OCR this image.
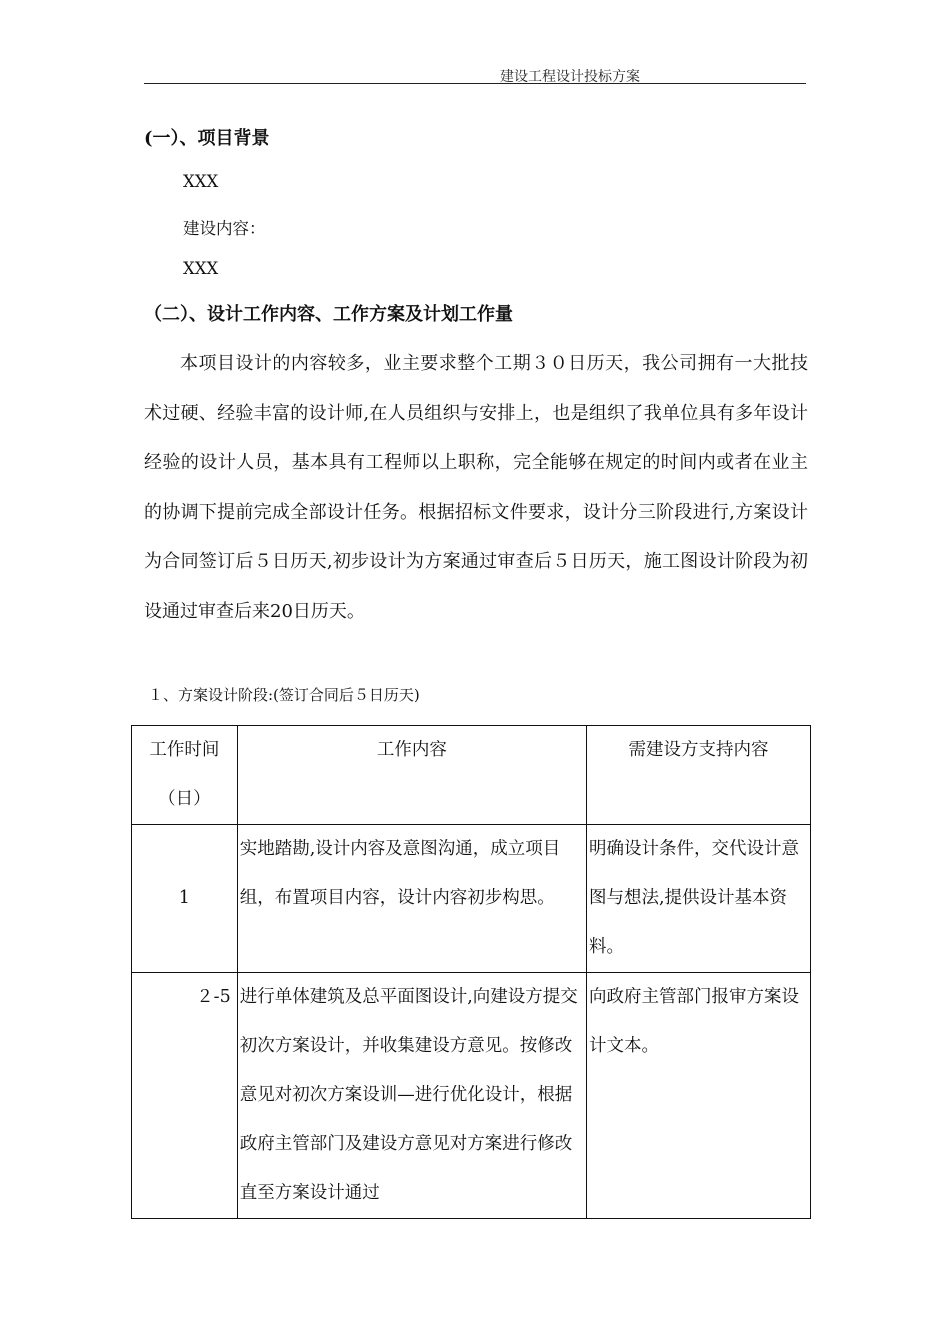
建设工程设计投标方案
(一）、项目背景
XXX
建设内容：
XXX
（二）、设计工作内容、工作方案及计划工作量
本项目设计的内容较多，业主要求整个工期３０日历天，我公司拥有一大批技术过硬、经验丰富的设计师,在人员组织与安排上，也是组织了我单位具有多年设计经验的设计人员，基本具有工程师以上职称，完全能够在规定的时间内或者在业主的协调下提前完成全部设计任务。根据招标文件要求，设计分三阶段进行,方案设计为合同签订后５日历天,初步设计为方案通过审查后５日历天，施工图设计阶段为初设通过审查后来20日历天。
１、方案设计阶段:(签订合同后５日历天)
工作时间（日）	工作内容	需建设方支持内容
1	实地踏勘,设计内容及意图沟通，成立项目组，布置项目内容，设计内容初步构思。	明确设计条件，交代设计意图与想法,提供设计基本资料。
２-5	进行单体建筑及总平面图设计,向建设方提交初次方案设计，并收集建设方意见。按修改意见对初次方案设训—进行优化设计，根据政府主管部门及建设方意见对方案进行修改直至方案设计通过	向政府主管部门报审方案设计文本。
